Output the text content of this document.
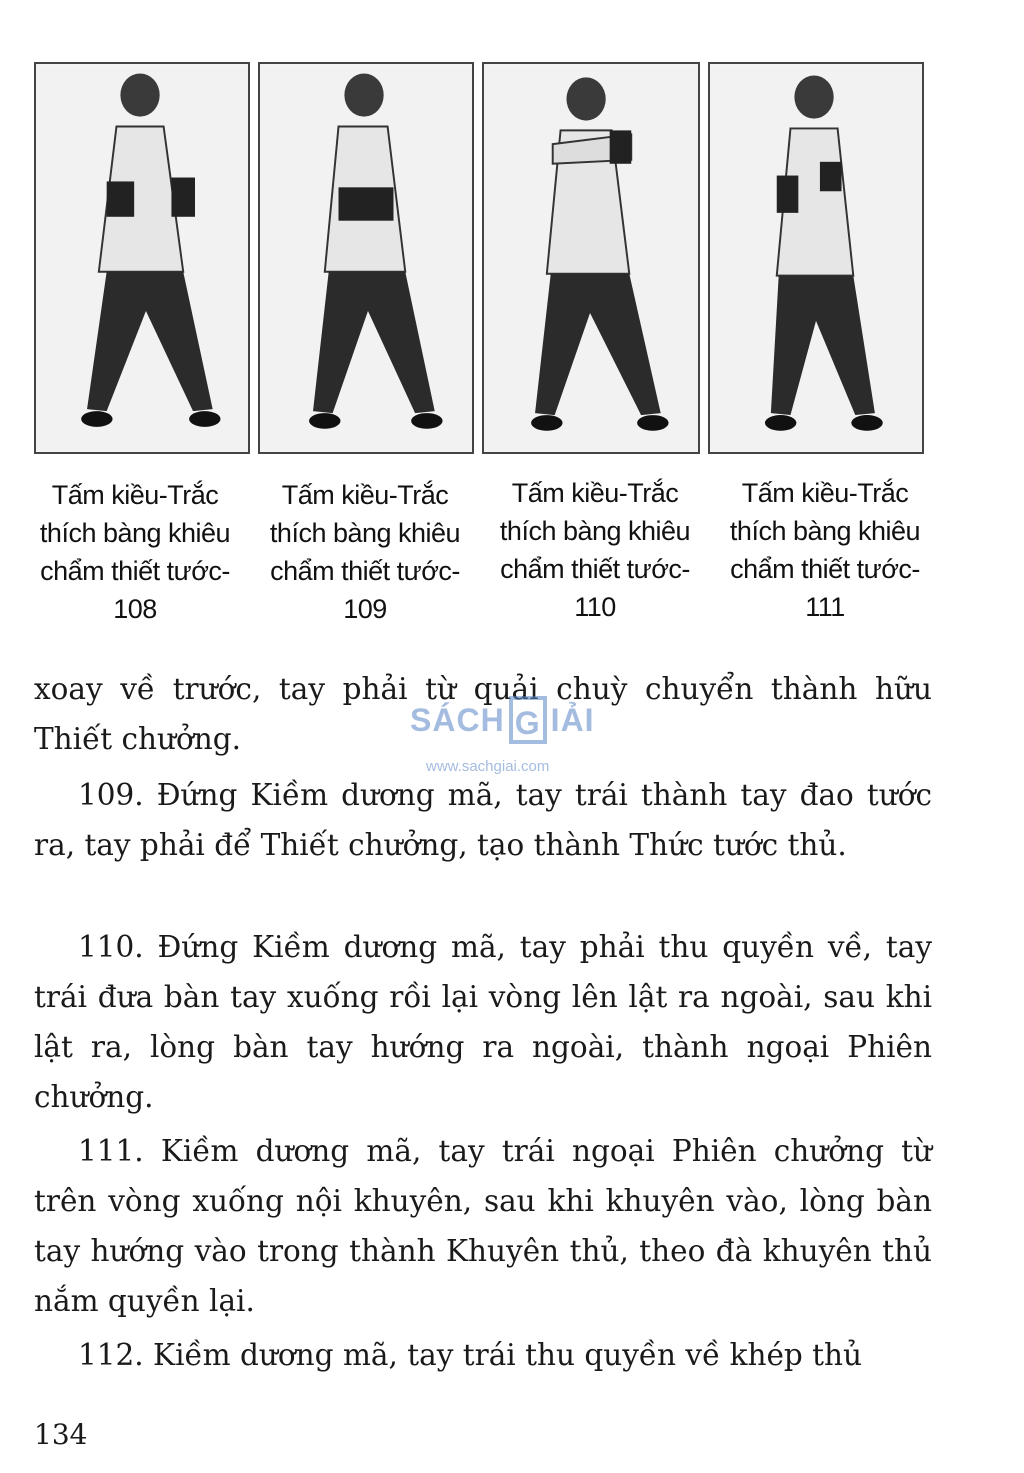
Tấm kiều-Trắc
thích bàng khiêu
chẩm thiết tước-
108
Tấm kiều-Trắc
thích bàng khiêu
chẩm thiết tước-
109
Tấm kiều-Trắc
thích bàng khiêu
chẩm thiết tước-
110
Tấm kiều-Trắc
thích bàng khiêu
chẩm thiết tước-
111
xoay về trước, tay phải từ quải chuỳ chuyển thành hữu Thiết chưởng.
109. Đứng Kiềm dương mã, tay trái thành tay đao tước ra, tay phải để Thiết chưởng, tạo thành Thức tước thủ.
110. Đứng Kiềm dương mã, tay phải thu quyền về, tay trái đưa bàn tay xuống rồi lại vòng lên lật ra ngoài, sau khi lật ra, lòng bàn tay hướng ra ngoài, thành ngoại Phiên chưởng.
111. Kiềm dương mã, tay trái ngoại Phiên chưởng từ trên vòng xuống nội khuyên, sau khi khuyên vào, lòng bàn tay hướng vào trong thành Khuyên thủ, theo đà khuyên thủ nắm quyền lại.
112. Kiềm dương mã, tay trái thu quyền về khép thủ
SÁCH G IẢI
www.sachgiai.com
134
